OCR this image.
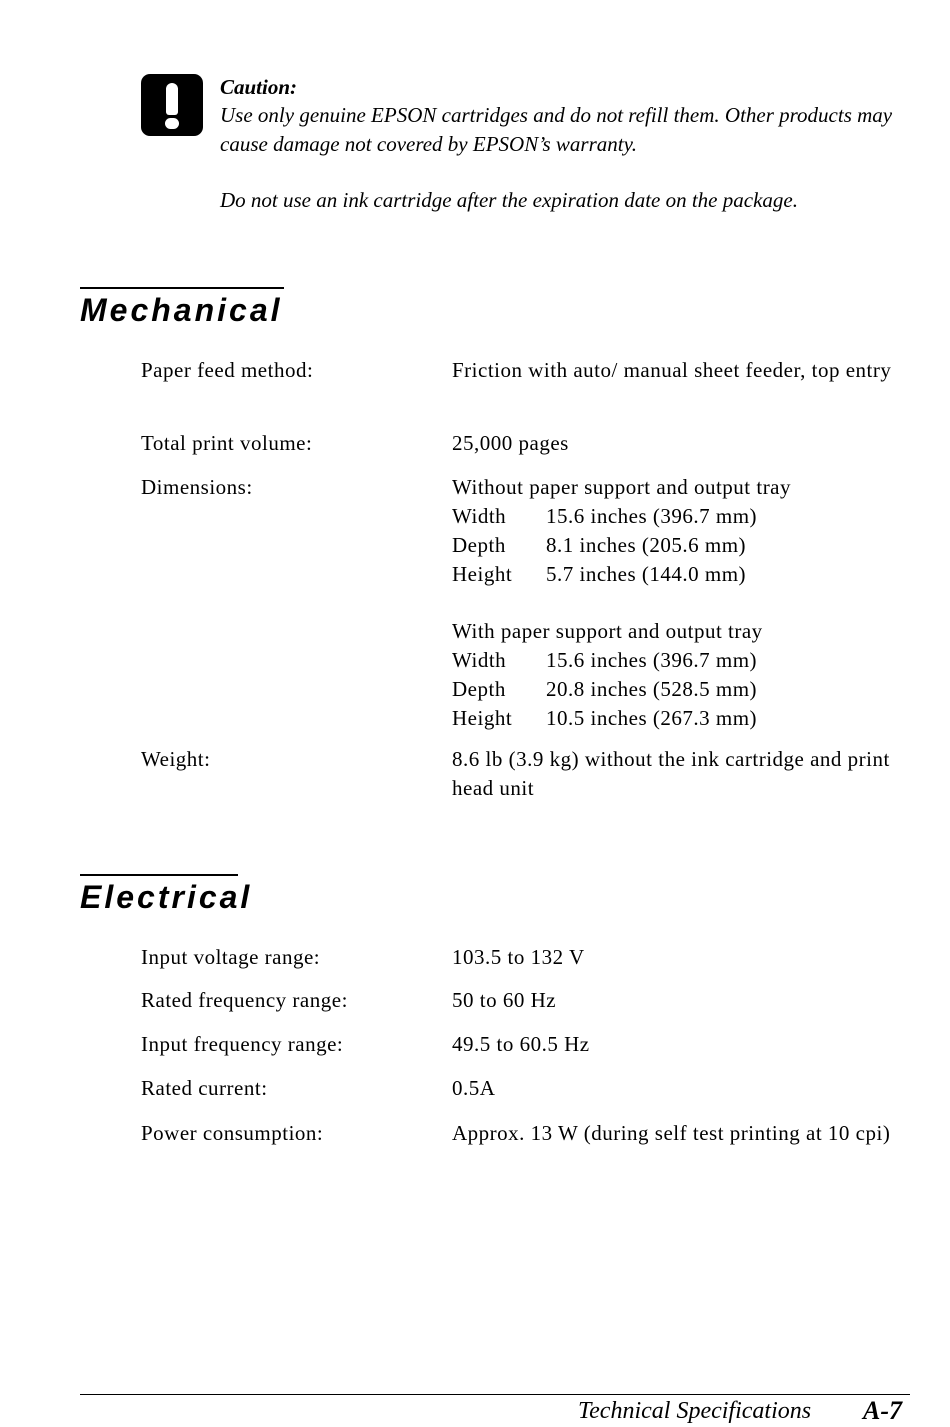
Caution:
Use only genuine EPSON cartridges and do not refill them. Other products may cause damage not covered by EPSON’s warranty.
Do not use an ink cartridge after the expiration date on the package.
Mechanical
Paper feed method:	Friction with auto/ manual sheet feeder, top entry
Total print volume:	25,000 pages
Dimensions:	Without paper support and output tray
Width	15.6 inches (396.7 mm)
Depth	8.1 inches (205.6 mm)
Height	5.7 inches (144.0 mm)
With paper support and output tray
Width	15.6 inches (396.7 mm)
Depth	20.8 inches (528.5 mm)
Height	10.5 inches (267.3 mm)
Weight:	8.6 lb (3.9 kg) without the ink cartridge and print head unit
Electrical
Input voltage range:	103.5 to 132 V
Rated frequency range:	50 to 60 Hz
Input frequency range:	49.5 to 60.5 Hz
Rated current:	0.5A
Power consumption:	Approx. 13 W (during self test printing at 10 cpi)
Technical Specifications A-7
